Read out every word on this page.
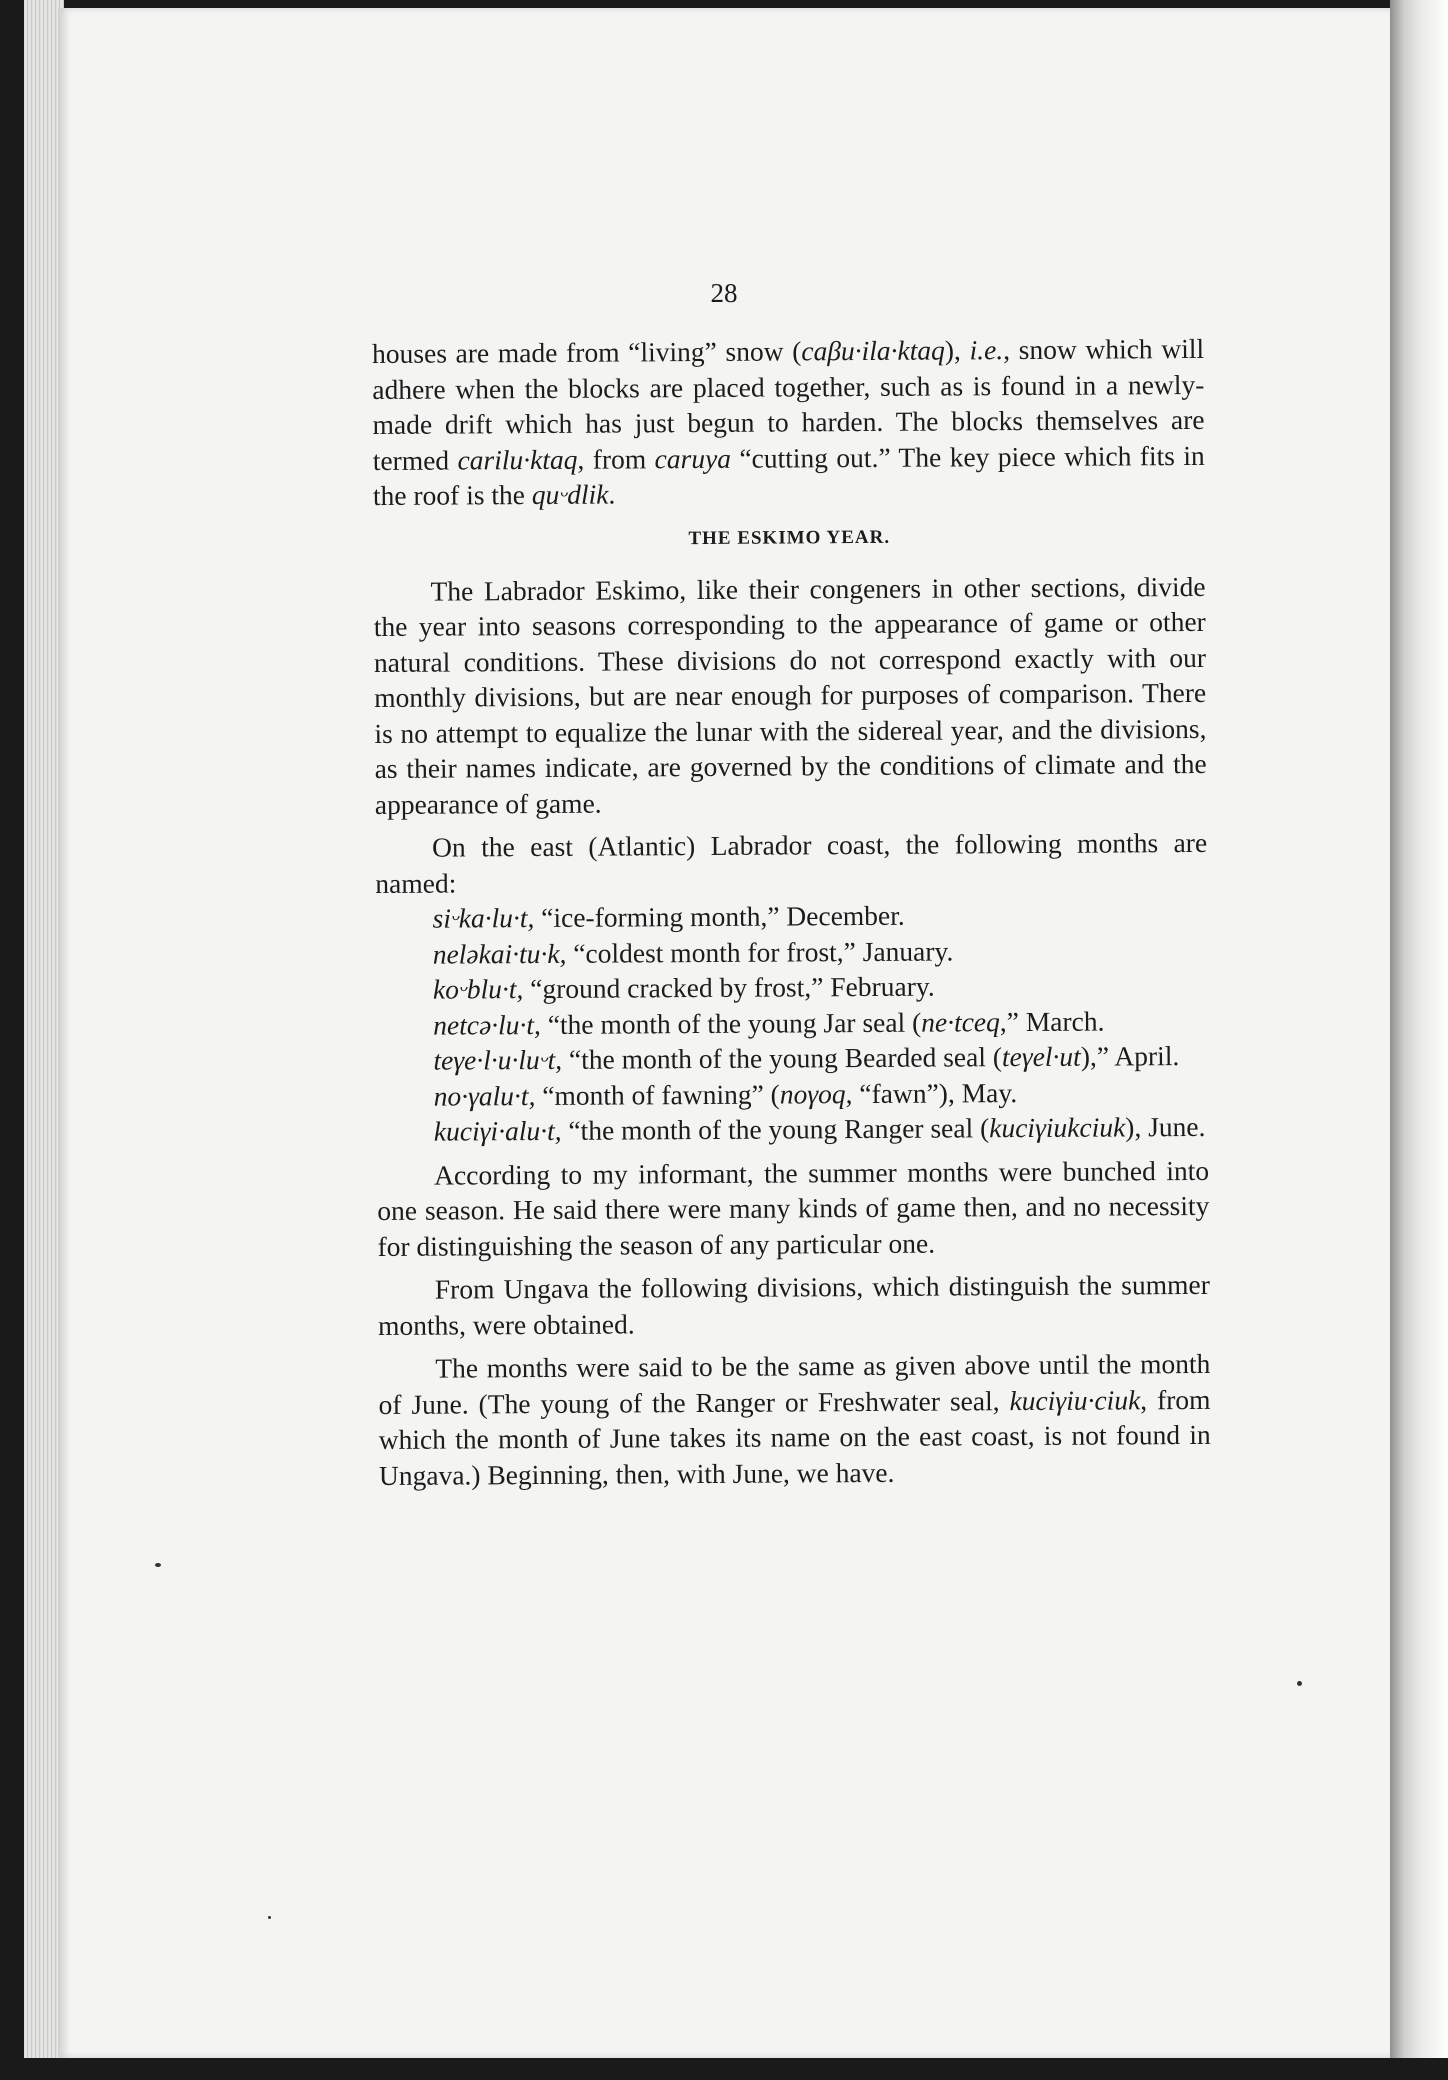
28

houses are made from “living” snow (caβu·ila·ktaq), i.e., snow which will adhere when the blocks are placed together, such as is found in a newly-made drift which has just begun to harden. The blocks themselves are termed carilu·ktaq, from caruya “cutting out.” The key piece which fits in the roof is the quᵕdlik.

THE ESKIMO YEAR.

The Labrador Eskimo, like their congeners in other sections, divide the year into seasons corresponding to the appearance of game or other natural conditions. These divisions do not correspond exactly with our monthly divisions, but are near enough for purposes of comparison. There is no attempt to equalize the lunar with the sidereal year, and the divisions, as their names indicate, are governed by the conditions of climate and the appearance of game.

On the east (Atlantic) Labrador coast, the following months are named:

siᵕka·lu·t, “ice-forming month,” December.

neləkai·tu·k, “coldest month for frost,” January.

koᵕblu·t, “ground cracked by frost,” February.

netcə·lu·t, “the month of the young Jar seal (ne·tceq,” March.

teγe·l·u·luᵕt, “the month of the young Bearded seal (teγel·ut),” April.

no·γalu·t, “month of fawning” (noγoq, “fawn”), May.

kuciγi·alu·t, “the month of the young Ranger seal (kuciγiukciuk), June.

According to my informant, the summer months were bunched into one season. He said there were many kinds of game then, and no necessity for distinguishing the season of any particular one.

From Ungava the following divisions, which distinguish the summer months, were obtained.

The months were said to be the same as given above until the month of June. (The young of the Ranger or Freshwater seal, kuciγiu·ciuk, from which the month of June takes its name on the east coast, is not found in Ungava.) Beginning, then, with June, we have.
